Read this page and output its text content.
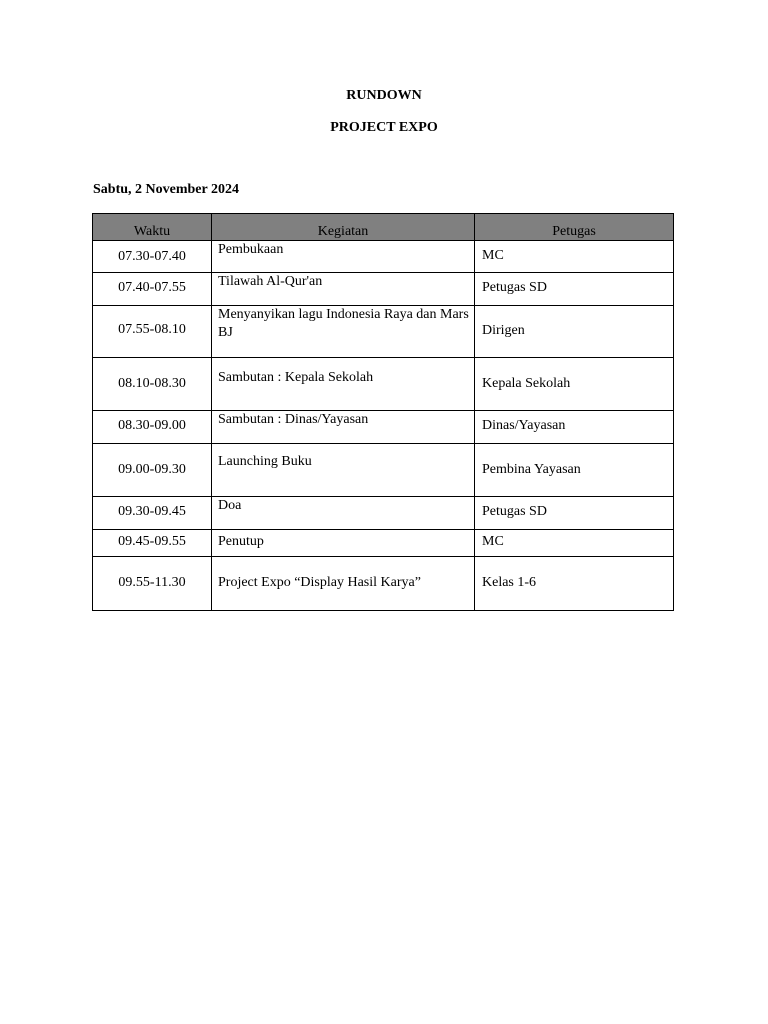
RUNDOWN
PROJECT EXPO
Sabtu, 2 November 2024
Waktu	Kegiatan	Petugas

07.30-07.40	Pembukaan	MC

07.40-07.55	Tilawah Al-Qur'an	Petugas SD

07.55-08.10	Menyanyikan lagu Indonesia Raya dan Mars BJ	Dirigen

08.10-08.30	Sambutan : Kepala Sekolah	Kepala Sekolah

08.30-09.00	Sambutan : Dinas/Yayasan	Dinas/Yayasan

09.00-09.30	Launching Buku	Pembina Yayasan

09.30-09.45	Doa	Petugas SD

09.45-09.55	Penutup	MC

09.55-11.30	Project Expo “Display Hasil Karya”	Kelas 1-6
